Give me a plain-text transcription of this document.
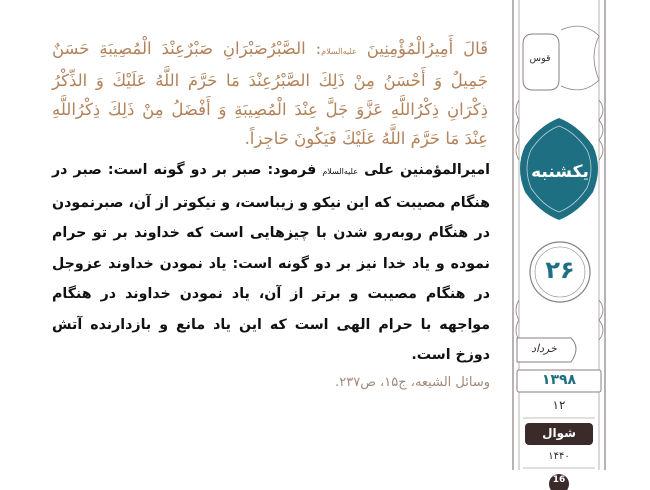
قَالَ أَمِيرُالْمُؤْمِنِينَ عليه‌السلام: الصَّبْرُصَبْرَانِ صَبْرٌعِنْدَ الْمُصِيبَةِ حَسَنٌ جَمِيلٌ وَ أَحْسَنُ مِنْ ذَلِكَ الصَّبْرُعِنْدَ مَا حَرَّمَ اللَّهُ عَلَيْكَ وَ الذِّكْرُ ذِكْرَانِ ذِكْرُاللَّهِ عَزَّوَ جَلَّ عِنْدَ الْمُصِيبَةِ وَ أَفْضَلُ مِنْ ذَلِكَ ذِكْرُاللَّهِ عِنْدَ مَا حَرَّمَ اللَّهُ عَلَيْكَ فَيَكُونَ حَاجِزاً.

امیرالمؤمنین علی عليه‌السلام فرمود: صبر بر دو گونه است: صبر در هنگام مصیبت که این نیکو و زیباست، و نیکوتر از آن، صبرنمودن در هنگام روبه‌رو شدن با چیزهایی است که خداوند بر تو حرام نموده و یاد خدا نیز بر دو گونه است: یاد نمودن خداوند عزوجل در هنگام مصیبت و برتر از آن، یاد نمودن خداوند در هنگام مواجهه با حرام الهی است که این یاد مانع و بازدارنده آتش دوزخ است.

وسائل الشیعه، ج۱۵، ص۲۳۷.

قوس
یکشنبه
۲۶
خرداد
۱۳۹۸
۱۲
شوال
۱۴۴۰
16
